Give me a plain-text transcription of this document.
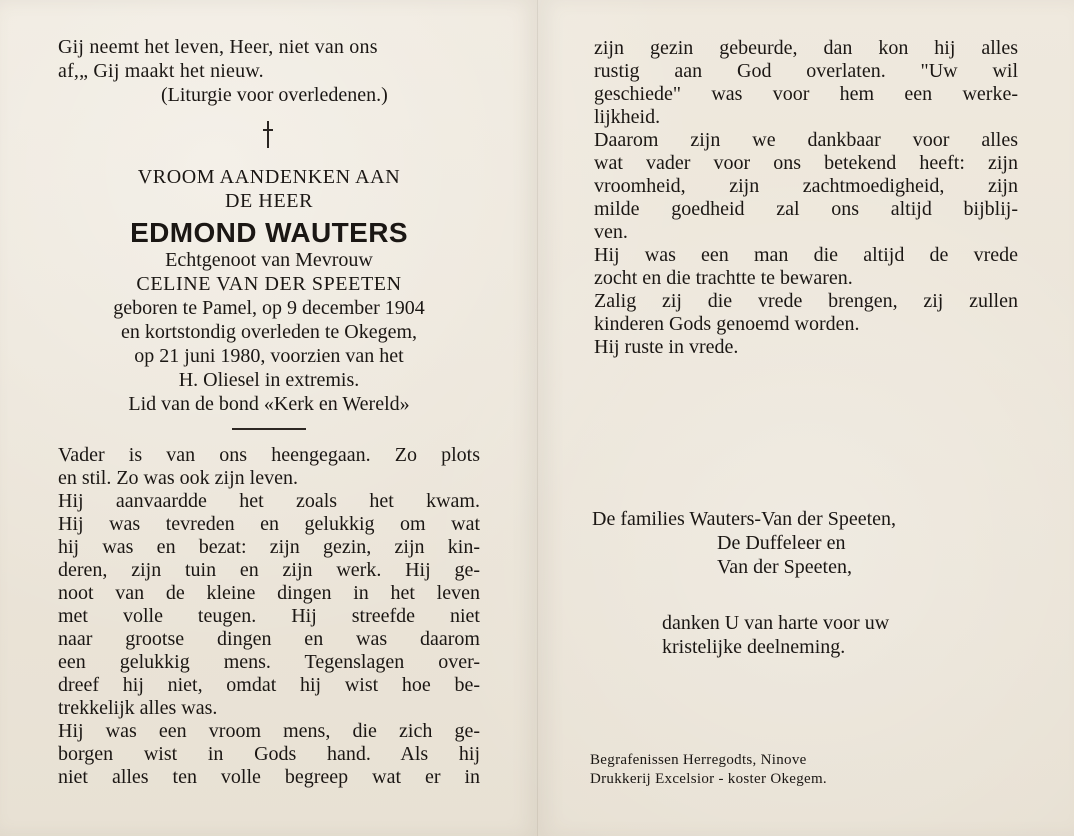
Gij neemt het leven, Heer, niet van ons
af,„ Gij maakt het nieuw.
(Liturgie voor overledenen.)
VROOM AANDENKEN AAN
DE HEER
EDMOND WAUTERS
Echtgenoot van Mevrouw
CELINE VAN DER SPEETEN
geboren te Pamel, op 9 december 1904
en kortstondig overleden te Okegem,
op 21 juni 1980, voorzien van het
H. Oliesel in extremis.
Lid van de bond «Kerk en Wereld»
Vader is van ons heengegaan. Zo plots
en stil. Zo was ook zijn leven.
Hij aanvaardde het zoals het kwam.
Hij was tevreden en gelukkig om wat
hij was en bezat: zijn gezin, zijn kin-
deren, zijn tuin en zijn werk. Hij ge-
noot van de kleine dingen in het leven
met volle teugen. Hij streefde niet
naar grootse dingen en was daarom
een gelukkig mens. Tegenslagen over-
dreef hij niet, omdat hij wist hoe be-
trekkelijk alles was.
Hij was een vroom mens, die zich ge-
borgen wist in Gods hand. Als hij
niet alles ten volle begreep wat er in
zijn gezin gebeurde, dan kon hij alles
rustig aan God overlaten. "Uw wil
geschiede" was voor hem een werke-
lijkheid.
Daarom zijn we dankbaar voor alles
wat vader voor ons betekend heeft: zijn
vroomheid, zijn zachtmoedigheid, zijn
milde goedheid zal ons altijd bijblij-
ven.
Hij was een man die altijd de vrede
zocht en die trachtte te bewaren.
Zalig zij die vrede brengen, zij zullen
kinderen Gods genoemd worden.
Hij ruste in vrede.
De families Wauters-Van der Speeten,
De Duffeleer en
Van der Speeten,
danken U van harte voor uw
kristelijke deelneming.
Begrafenissen Herregodts, Ninove
Drukkerij Excelsior - koster Okegem.
